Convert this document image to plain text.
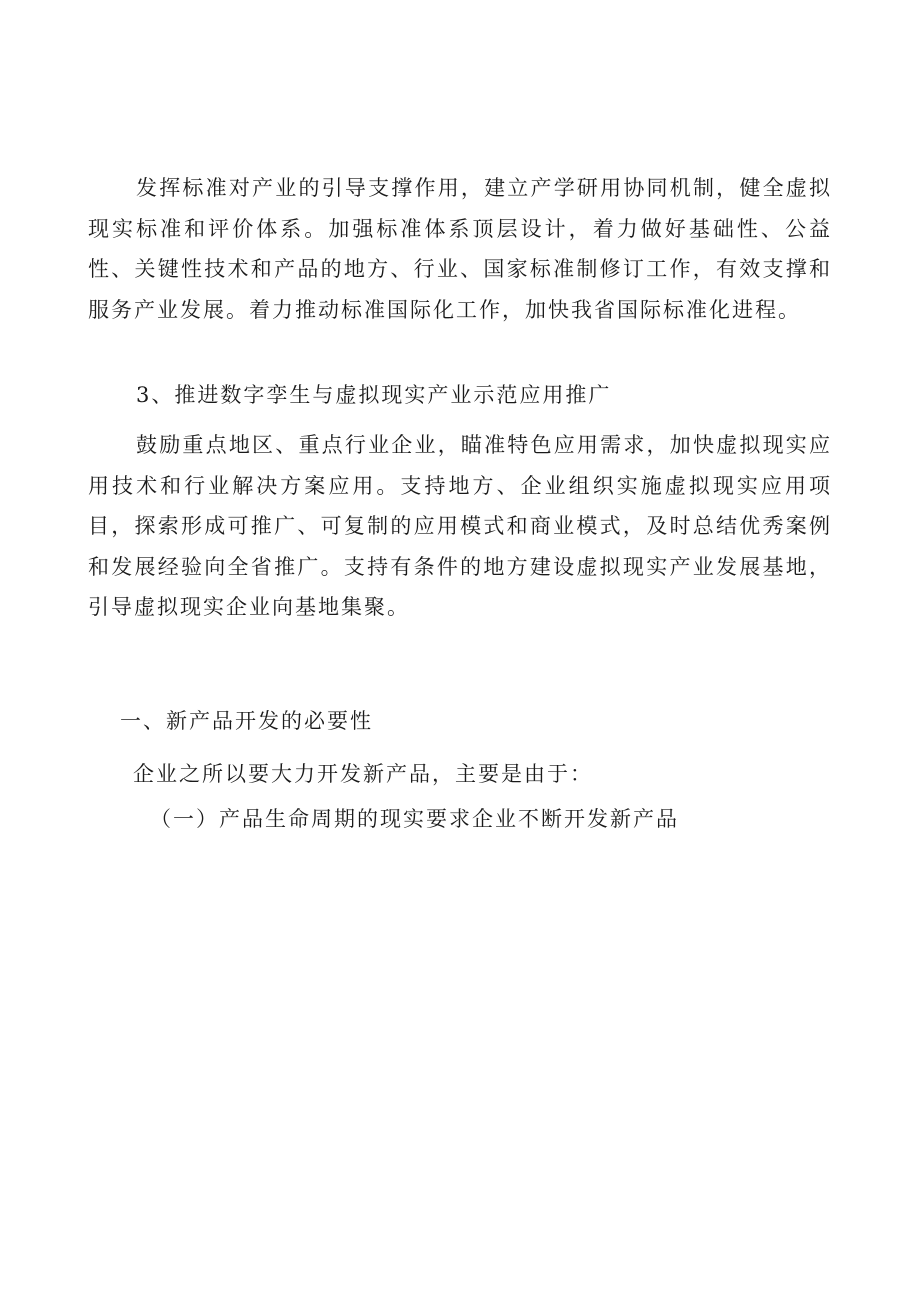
发挥标准对产业的引导支撑作用，建立产学研用协同机制，健全虚拟现实标准和评价体系。加强标准体系顶层设计，着力做好基础性、公益性、关键性技术和产品的地方、行业、国家标准制修订工作，有效支撑和服务产业发展。着力推动标准国际化工作，加快我省国际标准化进程。

3、推进数字孪生与虚拟现实产业示范应用推广

鼓励重点地区、重点行业企业，瞄准特色应用需求，加快虚拟现实应用技术和行业解决方案应用。支持地方、企业组织实施虚拟现实应用项目，探索形成可推广、可复制的应用模式和商业模式，及时总结优秀案例和发展经验向全省推广。支持有条件的地方建设虚拟现实产业发展基地，引导虚拟现实企业向基地集聚。

一、新产品开发的必要性

企业之所以要大力开发新产品，主要是由于：

（一）产品生命周期的现实要求企业不断开发新产品
